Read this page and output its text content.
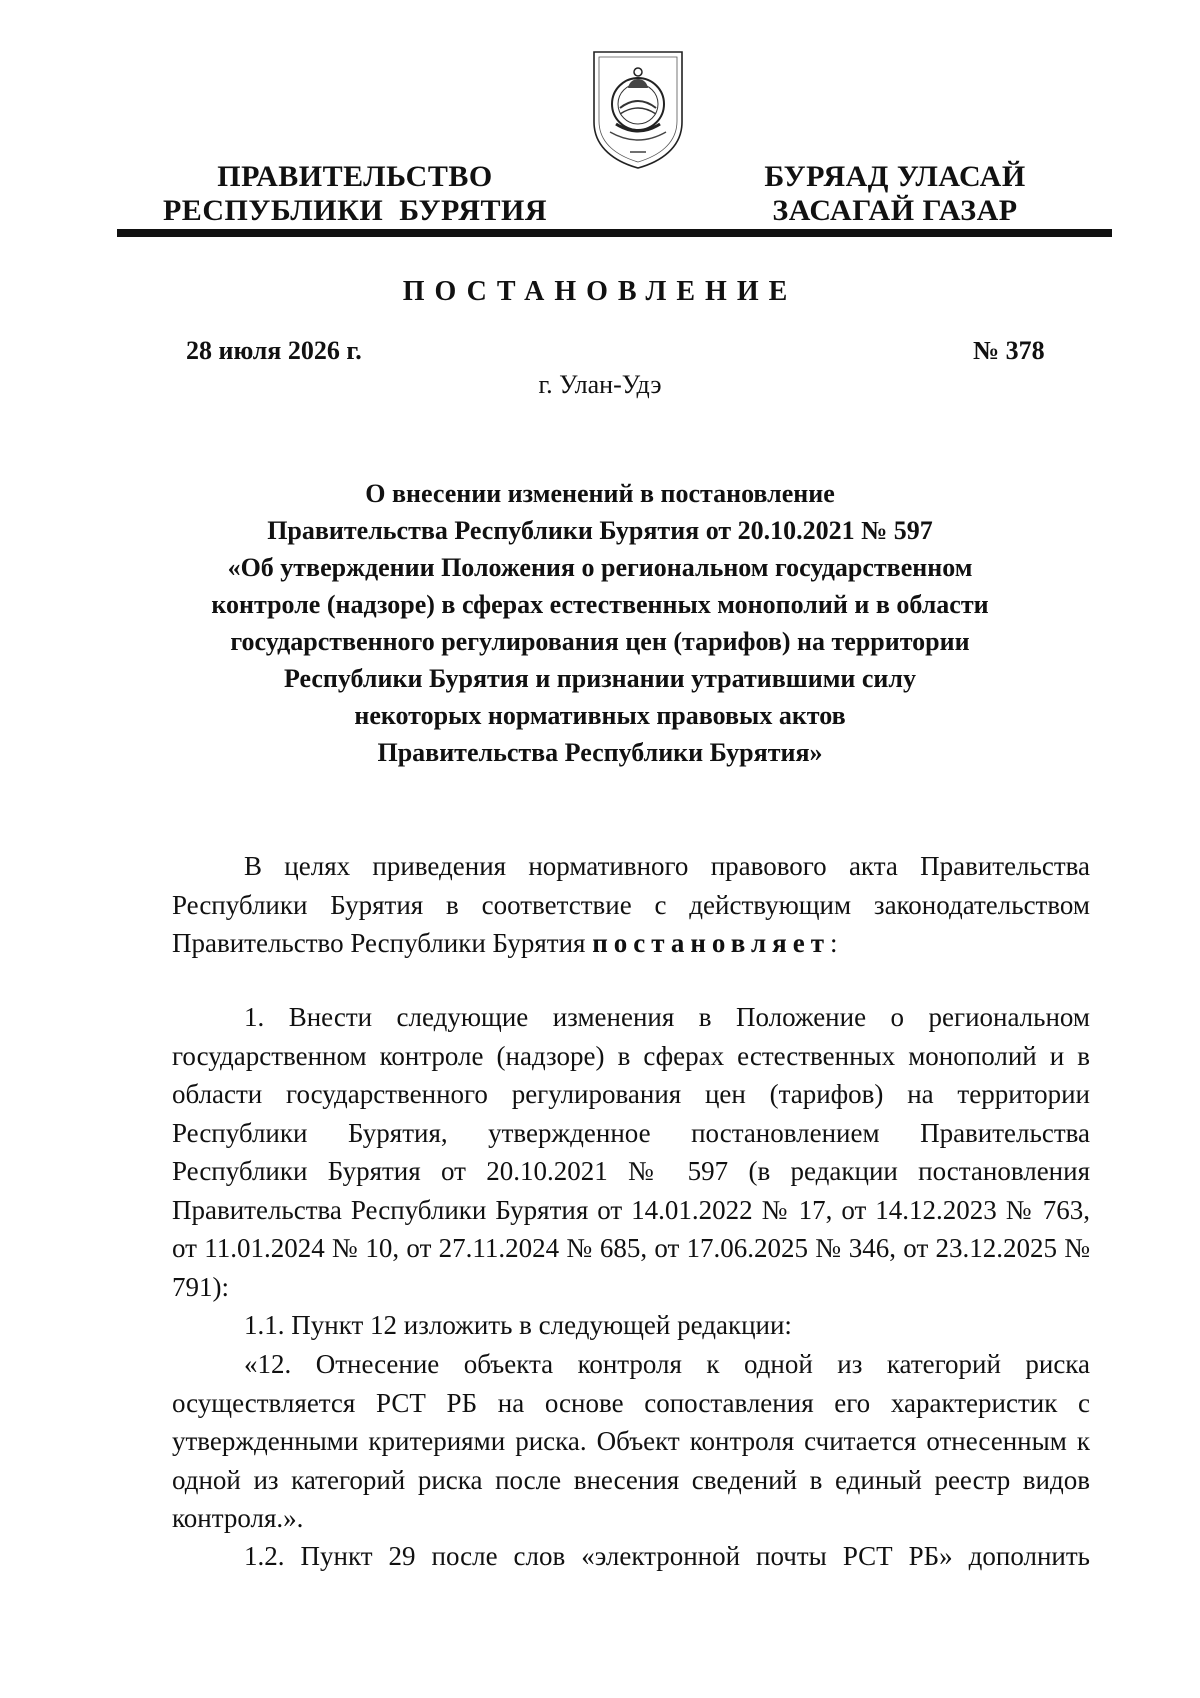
ПРАВИТЕЛЬСТВО
РЕСПУБЛИКИ  БУРЯТИЯ
БУРЯАД УЛАСАЙ
ЗАСАГАЙ ГАЗАР
ПОСТАНОВЛЕНИЕ
28 июля 2026 г.	№ 378
г. Улан-Удэ
О внесении изменений в постановление
Правительства Республики Бурятия от 20.10.2021 № 597
«Об утверждении Положения о региональном государственном
контроле (надзоре) в сферах естественных монополий и в области
государственного регулирования цен (тарифов) на территории
Республики Бурятия и признании утратившими силу
некоторых нормативных правовых актов
Правительства Республики Бурятия»

В целях приведения нормативного правового акта Правительства Республики Бурятия в соответствие с действующим законодательством Правительство Республики Бурятия постановляет:

1. Внести следующие изменения в Положение о региональном государственном контроле (надзоре) в сферах естественных монополий и в области государственного регулирования цен (тарифов) на территории Республики Бурятия, утвержденное постановлением Правительства Республики Бурятия от 20.10.2021 № 597 (в редакции постановления Правительства Республики Бурятия от 14.01.2022 № 17, от 14.12.2023 № 763, от 11.01.2024 № 10, от 27.11.2024 № 685, от 17.06.2025 № 346, от 23.12.2025 № 791):

1.1. Пункт 12 изложить в следующей редакции:

«12. Отнесение объекта контроля к одной из категорий риска осуществляется РСТ РБ на основе сопоставления его характеристик с утвержденными критериями риска. Объект контроля считается отнесенным к одной из категорий риска после внесения сведений в единый реестр видов контроля.».

1.2. Пункт 29 после слов «электронной почты РСТ РБ» дополнить
